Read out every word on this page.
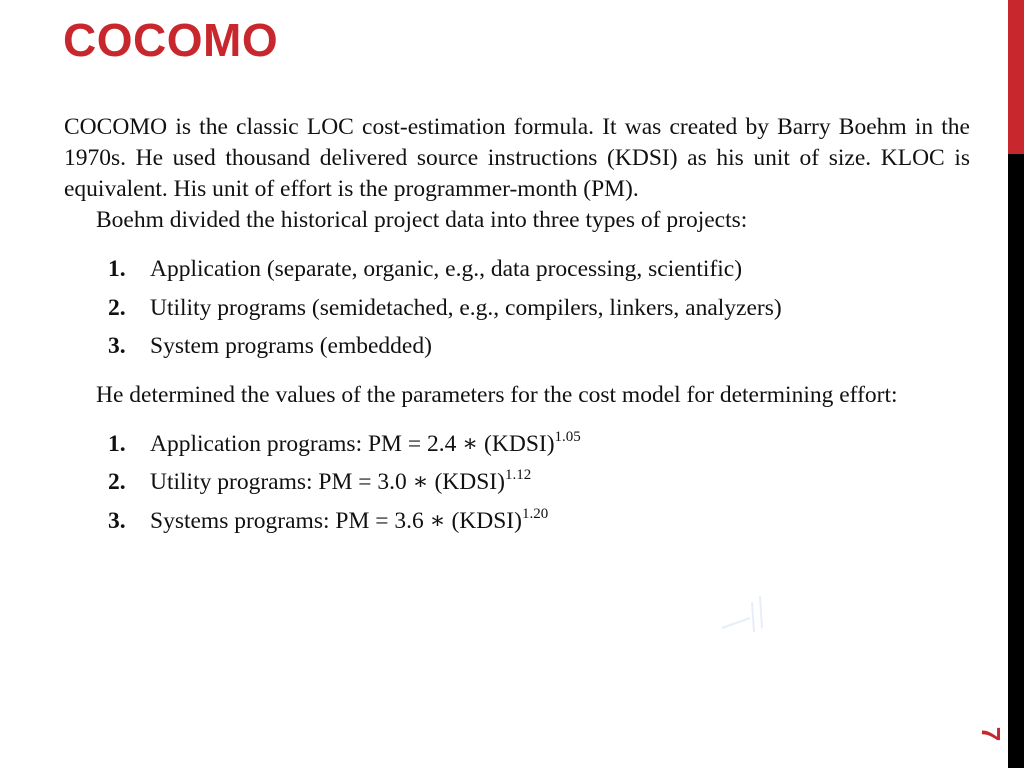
COCOMO
7

COCOMO is the classic LOC cost-estimation formula. It was created by Barry Boehm in the 1970s. He used thousand delivered source instructions (KDSI) as his unit of size. KLOC is equivalent. His unit of effort is the programmer-month (PM).

Boehm divided the historical project data into three types of projects:

1.	Application (separate, organic, e.g., data processing, scientific)
2.	Utility programs (semidetached, e.g., compilers, linkers, analyzers)
3.	System programs (embedded)

He determined the values of the parameters for the cost model for determining effort:

1.	Application programs: PM = 2.4 ∗ (KDSI)$^{1.05}$
2.	Utility programs: PM = 3.0 ∗ (KDSI)$^{1.12}$
3.	Systems programs: PM = 3.6 ∗ (KDSI)$^{1.20}$
